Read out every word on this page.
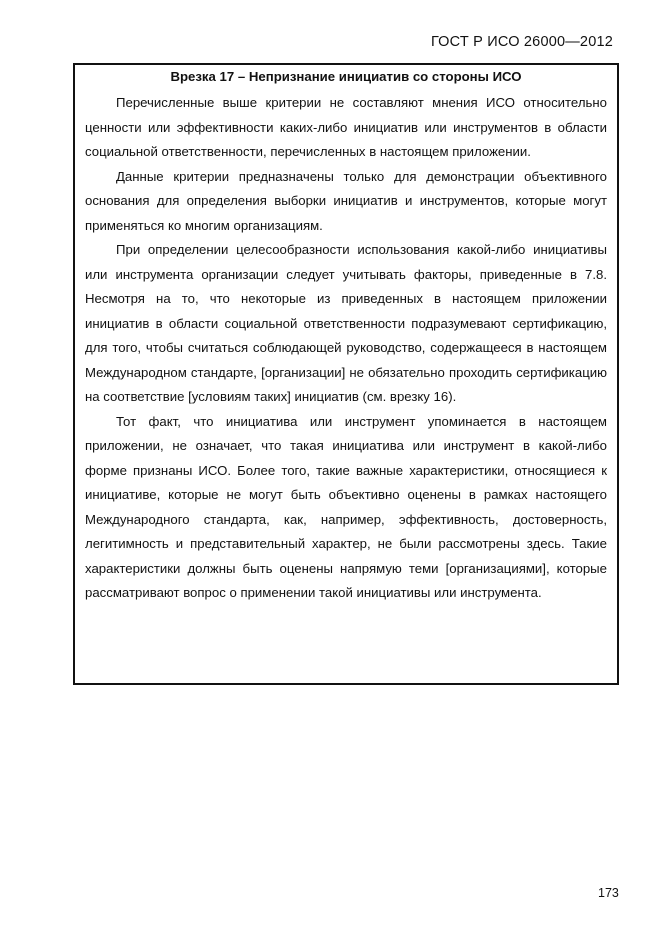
ГОСТ Р ИСО 26000—2012
Врезка 17 – Непризнание инициатив со стороны ИСО

Перечисленные выше критерии не составляют мнения ИСО относительно ценности или эффективности каких-либо инициатив или инструментов в области социальной ответственности, перечисленных в настоящем приложении.

Данные критерии предназначены только для демонстрации объективного основания для определения выборки инициатив и инструментов, которые могут применяться ко многим организациям.

При определении целесообразности использования какой-либо инициативы или инструмента организации следует учитывать факторы, приведенные в 7.8. Несмотря на то, что некоторые из приведенных в настоящем приложении инициатив в области социальной ответственности подразумевают сертификацию, для того, чтобы считаться соблюдающей руководство, содержащееся в настоящем Международном стандарте, [организации] не обязательно проходить сертификацию на соответствие [условиям таких] инициатив (см. врезку 16).

Тот факт, что инициатива или инструмент упоминается в настоящем приложении, не означает, что такая инициатива или инструмент в какой-либо форме признаны ИСО. Более того, такие важные характеристики, относящиеся к инициативе, которые не могут быть объективно оценены в рамках настоящего Международного стандарта, как, например, эффективность, достоверность, легитимность и представительный характер, не были рассмотрены здесь. Такие характеристики должны быть оценены напрямую теми [организациями], которые рассматривают вопрос о применении такой инициативы или инструмента.

173
